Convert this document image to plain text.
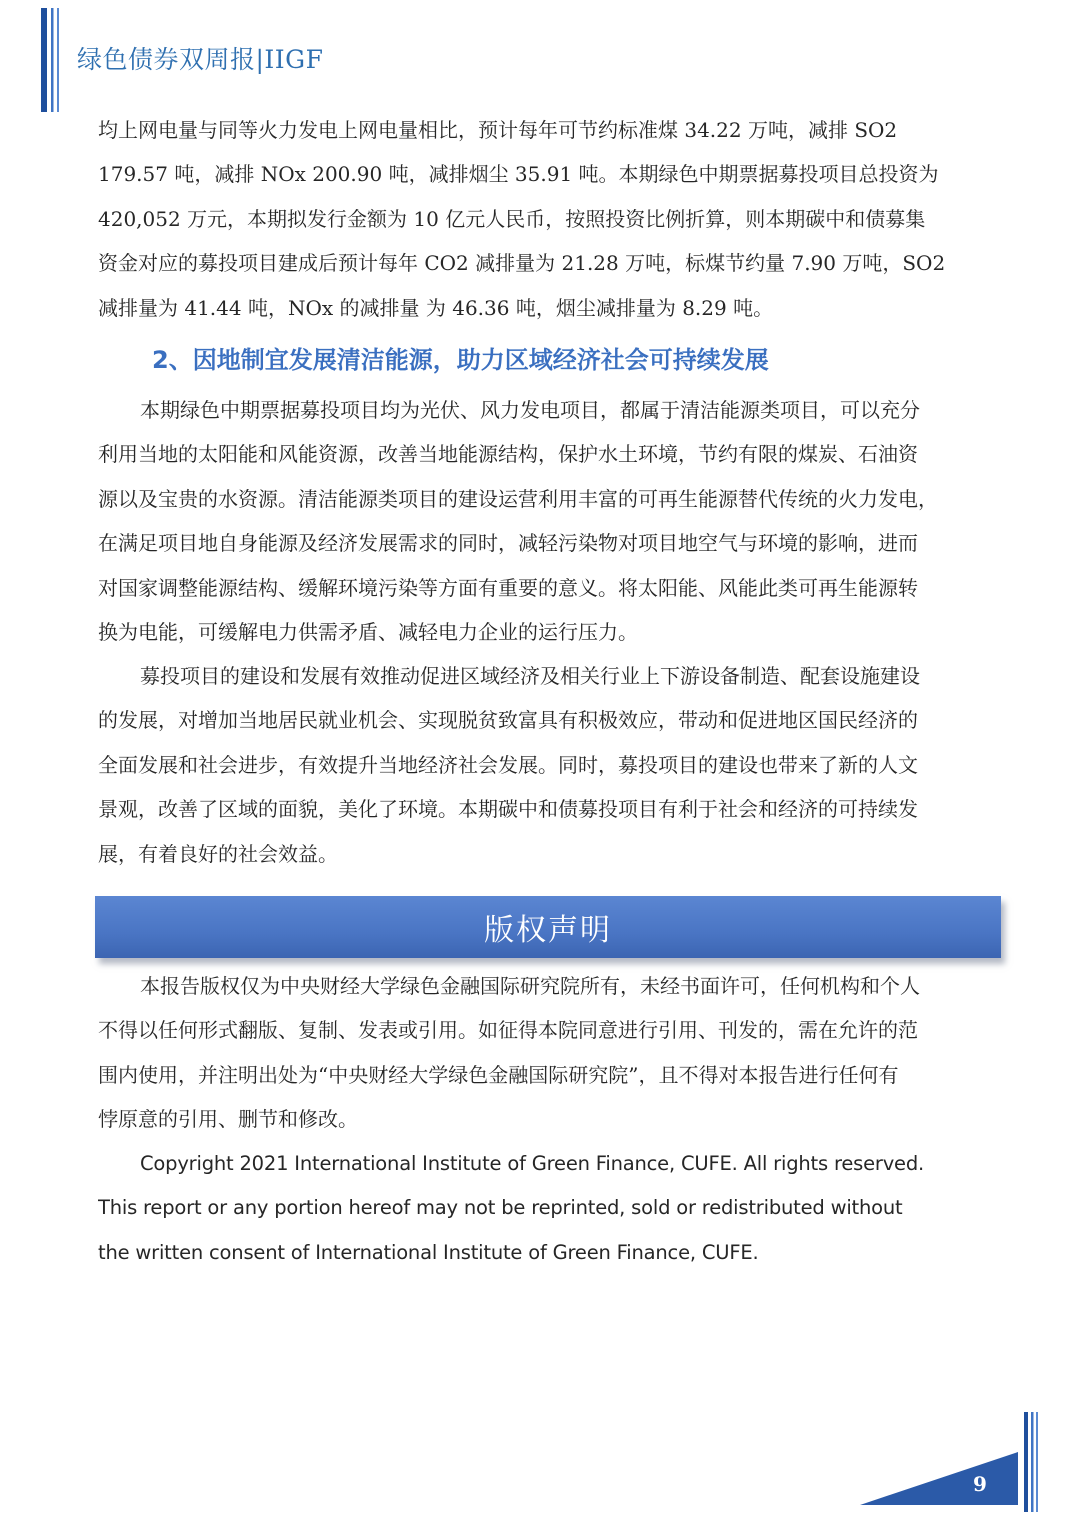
绿色债券双周报|IIGF

均上网电量与同等火力发电上网电量相比，预计每年可节约标准煤 34.22 万吨，减排 SO2
179.57 吨，减排 NOx 200.90 吨，减排烟尘 35.91 吨。本期绿色中期票据募投项目总投资为
420,052 万元，本期拟发行金额为 10 亿元人民币，按照投资比例折算，则本期碳中和债募集
资金对应的募投项目建成后预计每年 CO2 减排量为 21.28 万吨，标煤节约量 7.90 万吨，SO2
减排量为 41.44 吨，NOx 的减排量 为 46.36 吨，烟尘减排量为 8.29 吨。

2、因地制宜发展清洁能源，助力区域经济社会可持续发展

本期绿色中期票据募投项目均为光伏、风力发电项目，都属于清洁能源类项目，可以充分
利用当地的太阳能和风能资源，改善当地能源结构，保护水土环境，节约有限的煤炭、石油资
源以及宝贵的水资源。清洁能源类项目的建设运营利用丰富的可再生能源替代传统的火力发电，
在满足项目地自身能源及经济发展需求的同时，减轻污染物对项目地空气与环境的影响，进而
对国家调整能源结构、缓解环境污染等方面有重要的意义。将太阳能、风能此类可再生能源转
换为电能，可缓解电力供需矛盾、减轻电力企业的运行压力。

募投项目的建设和发展有效推动促进区域经济及相关行业上下游设备制造、配套设施建设
的发展，对增加当地居民就业机会、实现脱贫致富具有积极效应，带动和促进地区国民经济的
全面发展和社会进步，有效提升当地经济社会发展。同时，募投项目的建设也带来了新的人文
景观，改善了区域的面貌，美化了环境。本期碳中和债募投项目有利于社会和经济的可持续发
展，有着良好的社会效益。

版权声明

本报告版权仅为中央财经大学绿色金融国际研究院所有，未经书面许可，任何机构和个人
不得以任何形式翻版、复制、发表或引用。如征得本院同意进行引用、刊发的，需在允许的范
围内使用，并注明出处为“中央财经大学绿色金融国际研究院”，且不得对本报告进行任何有
悖原意的引用、删节和修改。

Copyright 2021 International Institute of Green Finance, CUFE. All rights reserved.
This report or any portion hereof may not be reprinted, sold or redistributed without
the written consent of International Institute of Green Finance, CUFE.

9
